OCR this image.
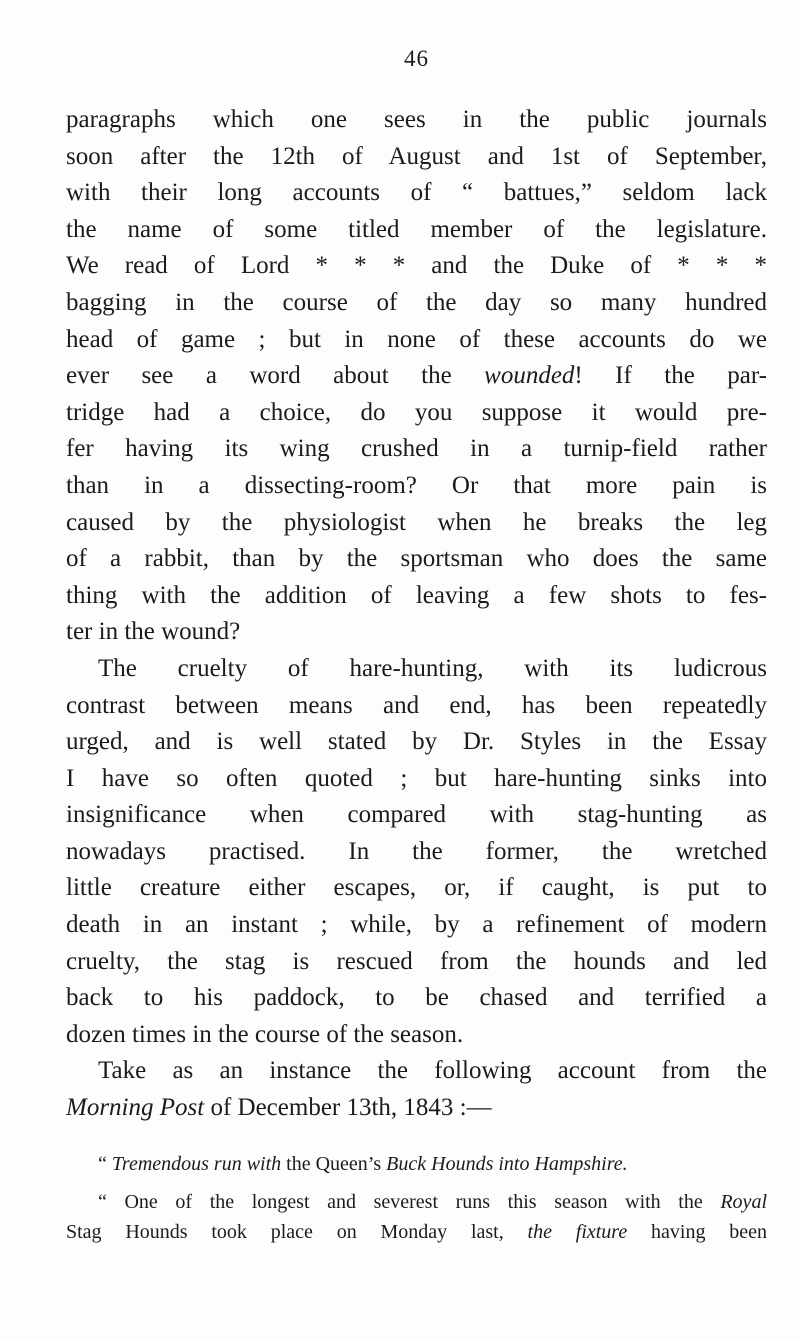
46

paragraphs which one sees in the public journals
soon after the 12th of August and 1st of September,
with their long accounts of “ battues,” seldom lack
the name of some titled member of the legislature.
We read of Lord * * * and the Duke of * * *
bagging in the course of the day so many hundred
head of game ; but in none of these accounts do we
ever see a word about the wounded! If the par-
tridge had a choice, do you suppose it would pre-
fer having its wing crushed in a turnip-field rather
than in a dissecting-room? Or that more pain is
caused by the physiologist when he breaks the leg
of a rabbit, than by the sportsman who does the same
thing with the addition of leaving a few shots to fes-
ter in the wound?

The cruelty of hare-hunting, with its ludicrous
contrast between means and end, has been repeatedly
urged, and is well stated by Dr. Styles in the Essay
I have so often quoted ; but hare-hunting sinks into
insignificance when compared with stag-hunting as
nowadays practised. In the former, the wretched
little creature either escapes, or, if caught, is put to
death in an instant ; while, by a refinement of modern
cruelty, the stag is rescued from the hounds and led
back to his paddock, to be chased and terrified a
dozen times in the course of the season.

Take as an instance the following account from the
Morning Post of December 13th, 1843 :—

“ Tremendous run with the Queen’s Buck Hounds into Hampshire.
“ One of the longest and severest runs this season with the Royal
Stag Hounds took place on Monday last, the fixture having been
